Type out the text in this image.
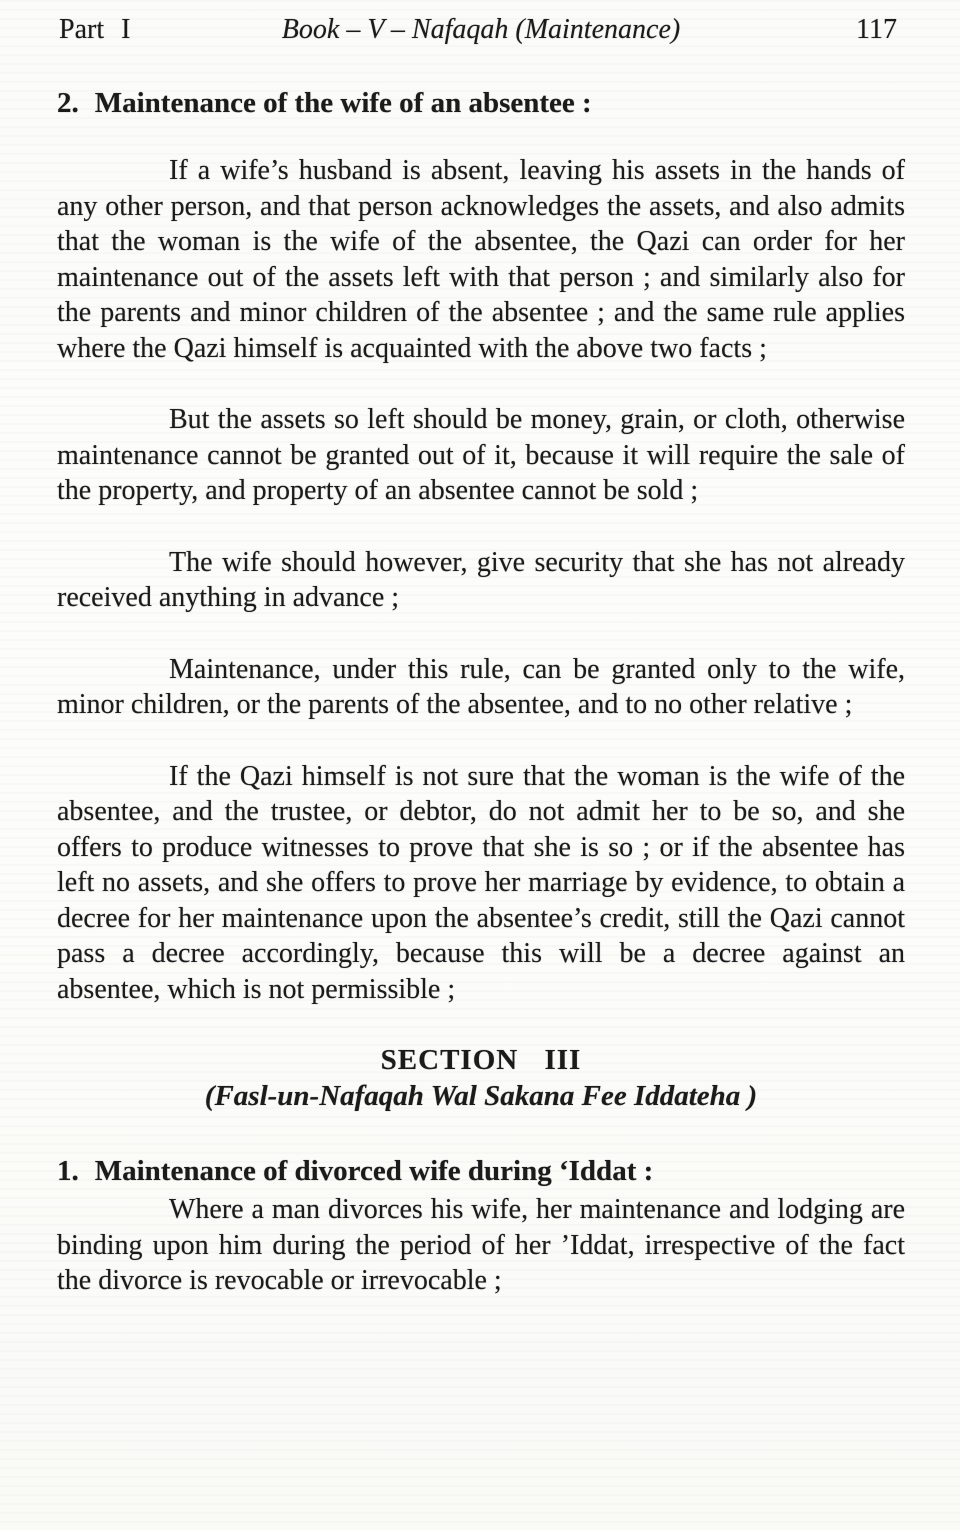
Part I	Book – V – Nafaqah (Maintenance)	117
2. Maintenance of the wife of an absentee :

If a wife’s husband is absent, leaving his assets in the hands of any other person, and that person acknowledges the assets, and also admits that the woman is the wife of the absentee, the Qazi can order for her maintenance out of the assets left with that person ; and similarly also for the parents and minor children of the absentee ; and the same rule applies where the Qazi himself is acquainted with the above two facts ;

But the assets so left should be money, grain, or cloth, otherwise maintenance cannot be granted out of it, because it will require the sale of the property, and property of an absentee cannot be sold ;

The wife should however, give security that she has not already received anything in advance ;

Maintenance, under this rule, can be granted only to the wife, minor children, or the parents of the absentee, and to no other relative ;

If the Qazi himself is not sure that the woman is the wife of the absentee, and the trustee, or debtor, do not admit her to be so, and she offers to produce witnesses to prove that she is so ; or if the absentee has left no assets, and she offers to prove her marriage by evidence, to obtain a decree for her maintenance upon the absentee’s credit, still the Qazi cannot pass a decree accordingly, because this will be a decree against an absentee, which is not permissible ;

SECTION III
(Fasl-un-Nafaqah Wal Sakana Fee Iddateha )
1. Maintenance of divorced wife during ‘Iddat :

Where a man divorces his wife, her maintenance and lodging are binding upon him during the period of her ’Iddat, irrespective of the fact the divorce is revocable or irrevocable ;
